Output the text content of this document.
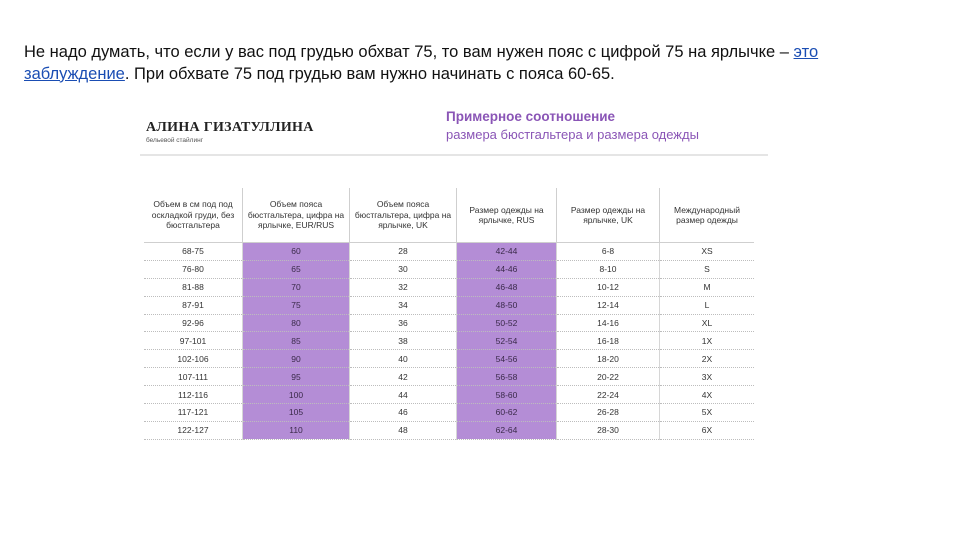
Не надо думать, что если у вас под грудью обхват 75, то вам нужен пояс с цифрой 75 на ярлычке – это заблуждение. При обхвате 75 под грудью вам нужно начинать с пояса 60-65.

АЛИНА ГИЗАТУЛЛИНА
бельевой стайлинг
Примерное соотношение
размера бюстгальтера и размера одежды
Объем в см под под оскладкой груди, без бюстгальтера	Объем пояса бюстгальтера, цифра на ярлычке, EUR/RUS	Объем пояса бюстгальтера, цифра на ярлычке, UK	Размер одежды на ярлычке, RUS	Размер одежды на ярлычке, UK	Международный размер одежды
68-75	60	28	42-44	6-8	XS
76-80	65	30	44-46	8-10	S
81-88	70	32	46-48	10-12	M
87-91	75	34	48-50	12-14	L
92-96	80	36	50-52	14-16	XL
97-101	85	38	52-54	16-18	1X
102-106	90	40	54-56	18-20	2X
107-111	95	42	56-58	20-22	3X
112-116	100	44	58-60	22-24	4X
117-121	105	46	60-62	26-28	5X
122-127	110	48	62-64	28-30	6X
